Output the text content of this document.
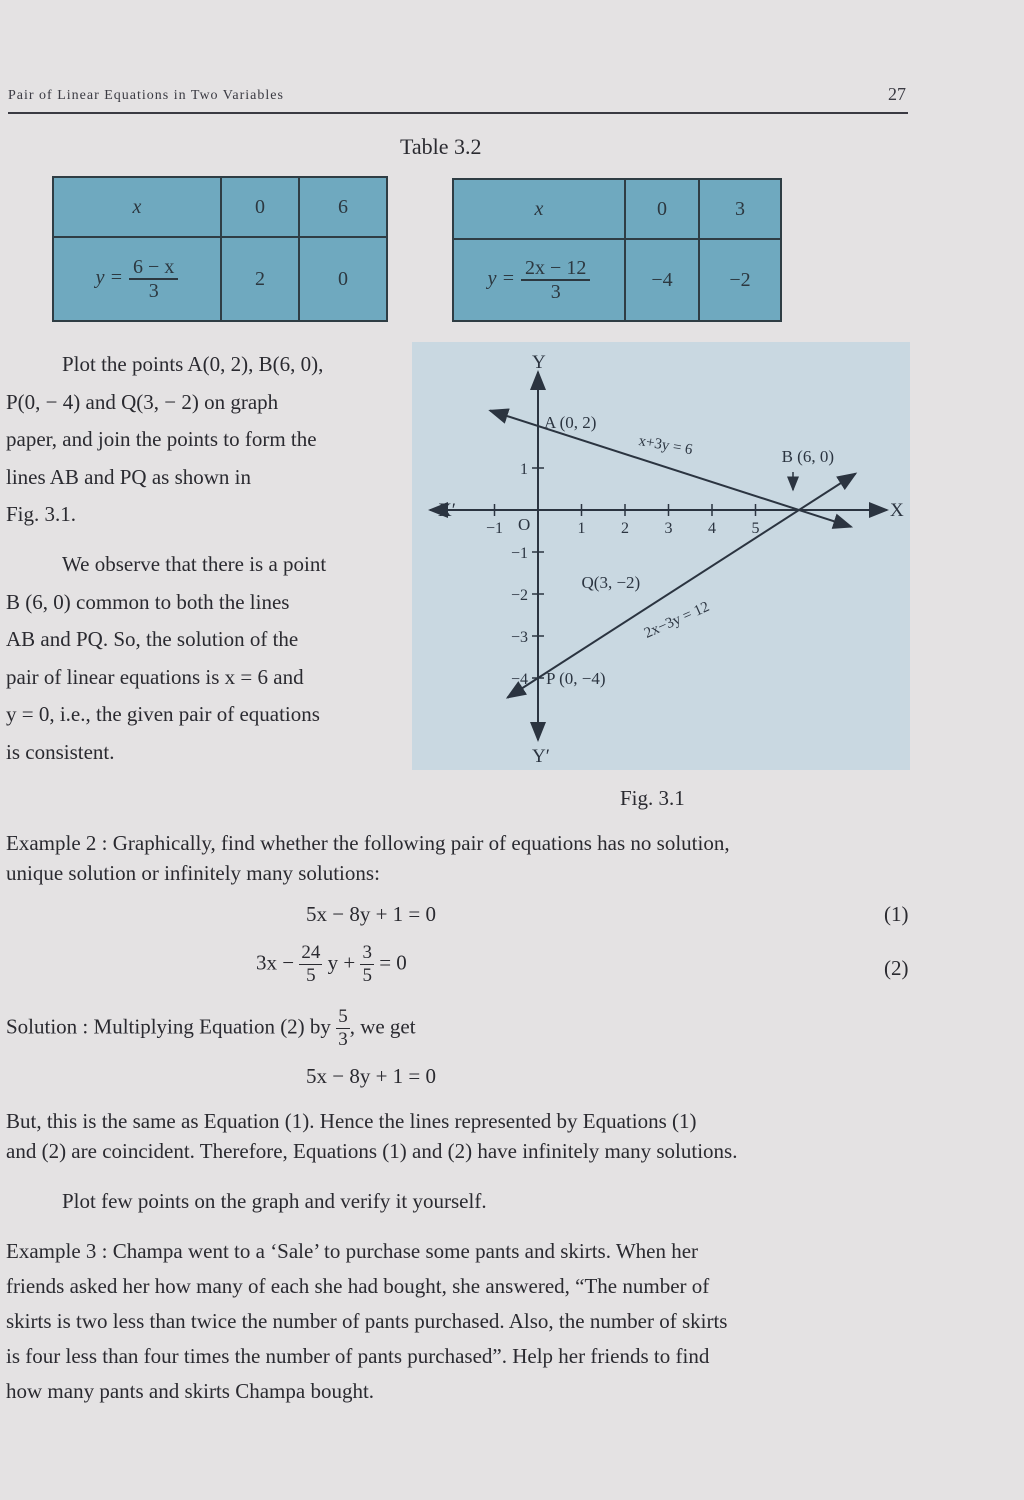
Pair of Linear Equations in Two Variables	27
Table 3.2
x	0	6
$y = \frac{6 - x}{3}$	2	0
x	0	3
$y = \frac{2x - 12}{3}$	−4	−2

Plot the points A(0, 2), B(6, 0),

P(0, − 4) and Q(3, − 2) on graph

paper, and join the points to form the

lines AB and PQ as shown in

Fig. 3.1.

We observe that there is a point

B (6, 0) common to both the lines

AB and PQ. So, the solution of the

pair of linear equations is x = 6 and

y = 0, i.e., the given pair of equations

is consistent.

X
X′
Y
Y′
O
−1	1 2 3 4 5
1
−1
−2
−3
−4
A (0, 2)
B (6, 0)
Q(3, −2)
P (0, −4)
x+3y = 6
2x−3y = 12
Fig. 3.1
Example 2 : Graphically, find whether the following pair of equations has no solution,
unique solution or infinitely many solutions:
5x − 8y + 1 = 0	(1)
$3x - \frac{24}{5}$ $y + \frac{3}{5} = 0$	(2)
Solution : Multiplying Equation (2) by $\frac{5}{3}$ , we get
5x − 8y + 1 = 0
But, this is the same as Equation (1). Hence the lines represented by Equations (1)
and (2) are coincident. Therefore, Equations (1) and (2) have infinitely many solutions.
Plot few points on the graph and verify it yourself.
Example 3 : Champa went to a ‘Sale’ to purchase some pants and skirts. When her
friends asked her how many of each she had bought, she answered, “The number of
skirts is two less than twice the number of pants purchased. Also, the number of skirts
is four less than four times the number of pants purchased”. Help her friends to find
how many pants and skirts Champa bought.
